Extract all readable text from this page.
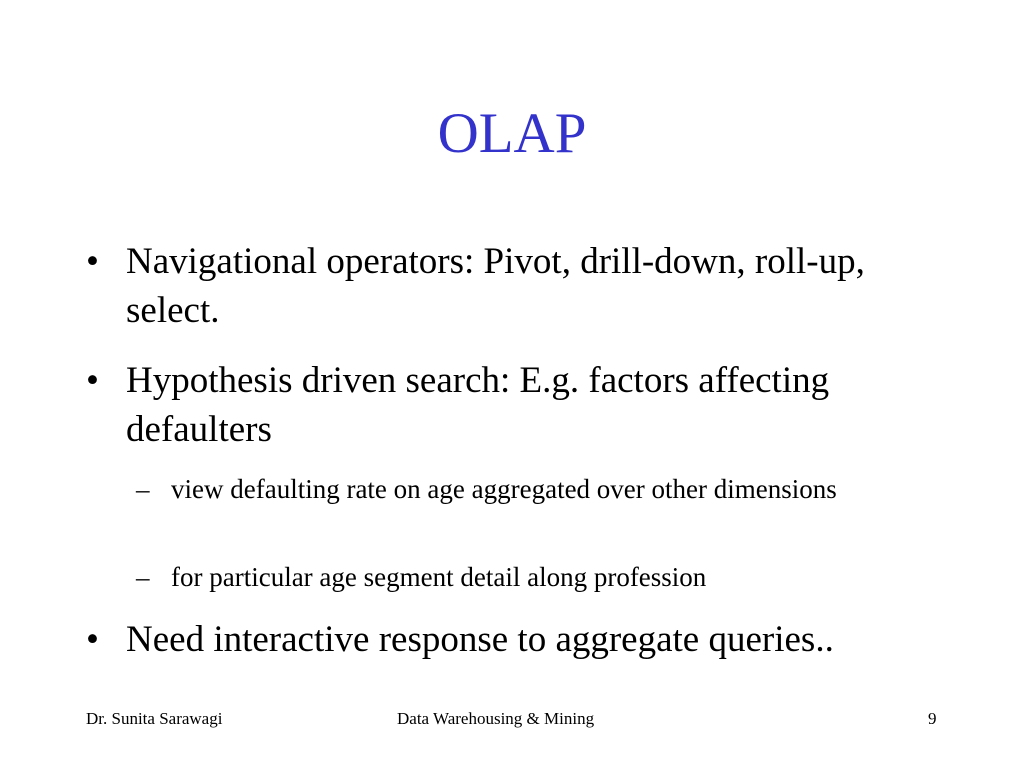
OLAP
• Navigational operators: Pivot, drill-down, roll-up, select.
• Hypothesis driven search: E.g. factors affecting defaulters
– view defaulting rate on age aggregated over other dimensions
– for particular age segment detail along profession
• Need interactive response to aggregate queries..
Dr. Sunita Sarawagi	Data Warehousing & Mining	9
